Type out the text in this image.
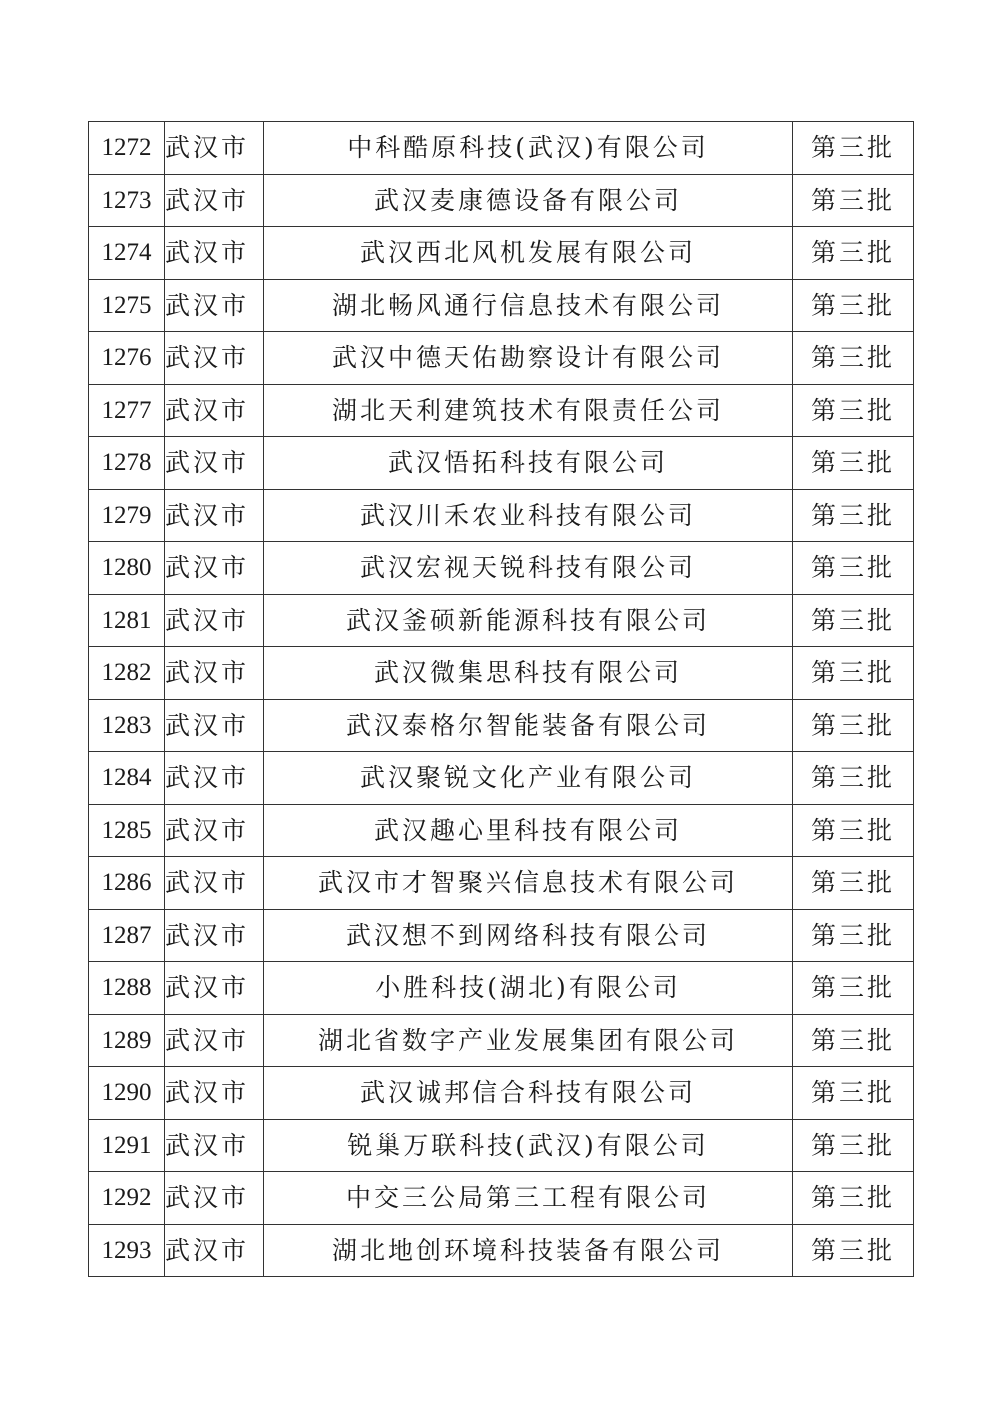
1272	武汉市	中科酷原科技(武汉)有限公司	第三批
1273	武汉市	武汉麦康德设备有限公司	第三批
1274	武汉市	武汉西北风机发展有限公司	第三批
1275	武汉市	湖北畅风通行信息技术有限公司	第三批
1276	武汉市	武汉中德天佑勘察设计有限公司	第三批
1277	武汉市	湖北天利建筑技术有限责任公司	第三批
1278	武汉市	武汉悟拓科技有限公司	第三批
1279	武汉市	武汉川禾农业科技有限公司	第三批
1280	武汉市	武汉宏视天锐科技有限公司	第三批
1281	武汉市	武汉釜硕新能源科技有限公司	第三批
1282	武汉市	武汉微集思科技有限公司	第三批
1283	武汉市	武汉泰格尔智能装备有限公司	第三批
1284	武汉市	武汉聚锐文化产业有限公司	第三批
1285	武汉市	武汉趣心里科技有限公司	第三批
1286	武汉市	武汉市才智聚兴信息技术有限公司	第三批
1287	武汉市	武汉想不到网络科技有限公司	第三批
1288	武汉市	小胜科技(湖北)有限公司	第三批
1289	武汉市	湖北省数字产业发展集团有限公司	第三批
1290	武汉市	武汉诚邦信合科技有限公司	第三批
1291	武汉市	锐巢万联科技(武汉)有限公司	第三批
1292	武汉市	中交三公局第三工程有限公司	第三批
1293	武汉市	湖北地创环境科技装备有限公司	第三批
